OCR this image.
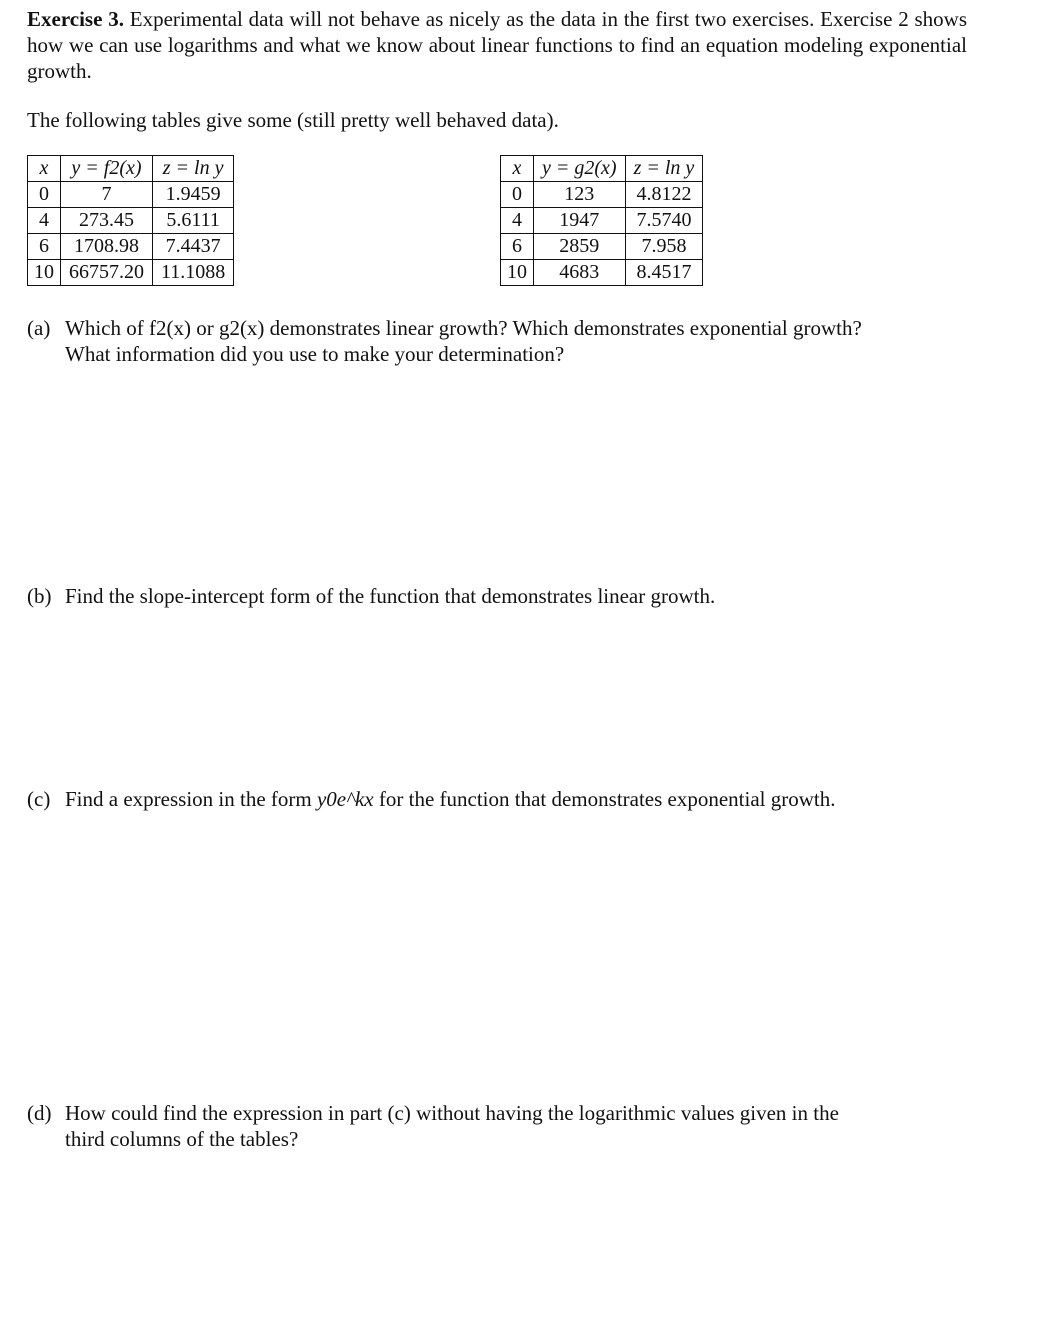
Exercise 3. Experimental data will not behave as nicely as the data in the first two exercises. Exercise 2 shows how we can use logarithms and what we know about linear functions to find an equation modeling exponential growth.
The following tables give some (still pretty well behaved data).
x	y = f2(x)	z = ln y
0	7	1.9459
4	273.45	5.6111
6	1708.98	7.4437
10	66757.20	11.1088
x	y = g2(x)	z = ln y
0	123	4.8122
4	1947	7.5740
6	2859	7.958
10	4683	8.4517
(a) Which of f2(x) or g2(x) demonstrates linear growth? Which demonstrates exponential growth?
What information did you use to make your determination?
(b) Find the slope-intercept form of the function that demonstrates linear growth.
(c) Find a expression in the form y0e^kx for the function that demonstrates exponential growth.
(d) How could find the expression in part (c) without having the logarithmic values given in the
third columns of the tables?
